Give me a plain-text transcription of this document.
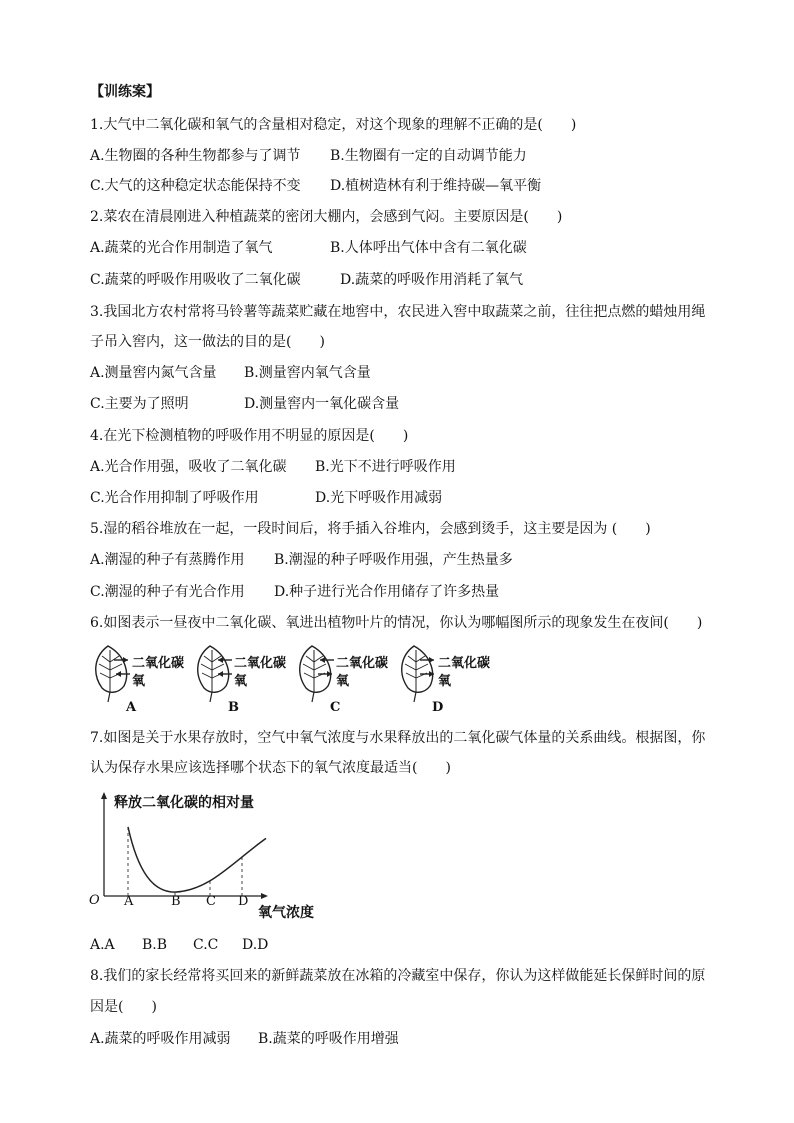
【训练案】
1.大气中二氧化碳和氧气的含量相对稳定，对这个现象的理解不正确的是(　　)
A.生物圈的各种生物都参与了调节 B.生物圈有一定的自动调节能力
C.大气的这种稳定状态能保持不变 D.植树造林有利于维持碳—氧平衡
2.菜农在清晨刚进入种植蔬菜的密闭大棚内，会感到气闷。主要原因是(　　)
A.蔬菜的光合作用制造了氧气	B.人体呼出气体中含有二氧化碳
C.蔬菜的呼吸作用吸收了二氧化碳	D.蔬菜的呼吸作用消耗了氧气
3.我国北方农村常将马铃薯等蔬菜贮藏在地窖中，农民进入窖中取蔬菜之前，往往把点燃的蜡烛用绳
子吊入窖内，这一做法的目的是(　　)
A.测量窖内氮气含量 B.测量窖内氧气含量
C.主要为了照明	D.测量窖内一氧化碳含量
4.在光下检测植物的呼吸作用不明显的原因是(　　)
A.光合作用强，吸收了二氧化碳 B.光下不进行呼吸作用
C.光合作用抑制了呼吸作用	D.光下呼吸作用减弱
5.湿的稻谷堆放在一起，一段时间后，将手插入谷堆内，会感到烫手，这主要是因为 (　　)
A.潮湿的种子有蒸腾作用 B.潮湿的种子呼吸作用强，产生热量多
C.潮湿的种子有光合作用 D.种子进行光合作用储存了许多热量
6.如图表示一昼夜中二氧化碳、氧进出植物叶片的情况，你认为哪幅图所示的现象发生在夜间(　　)
二氧化碳
氧
A
二氧化碳
氧
B
二氧化碳
氧
C
二氧化碳
氧
D
7.如图是关于水果存放时，空气中氧气浓度与水果释放出的二氧化碳气体量的关系曲线。根据图，你
认为保存水果应该选择哪个状态下的氧气浓度最适当(　　)
释放二氧化碳的相对量
O A	B C D
氧气浓度
A.A B.B C.C D.D
8.我们的家长经常将买回来的新鲜蔬菜放在冰箱的冷藏室中保存，你认为这样做能延长保鲜时间的原
因是(　　)
A.蔬菜的呼吸作用减弱 B.蔬菜的呼吸作用增强
